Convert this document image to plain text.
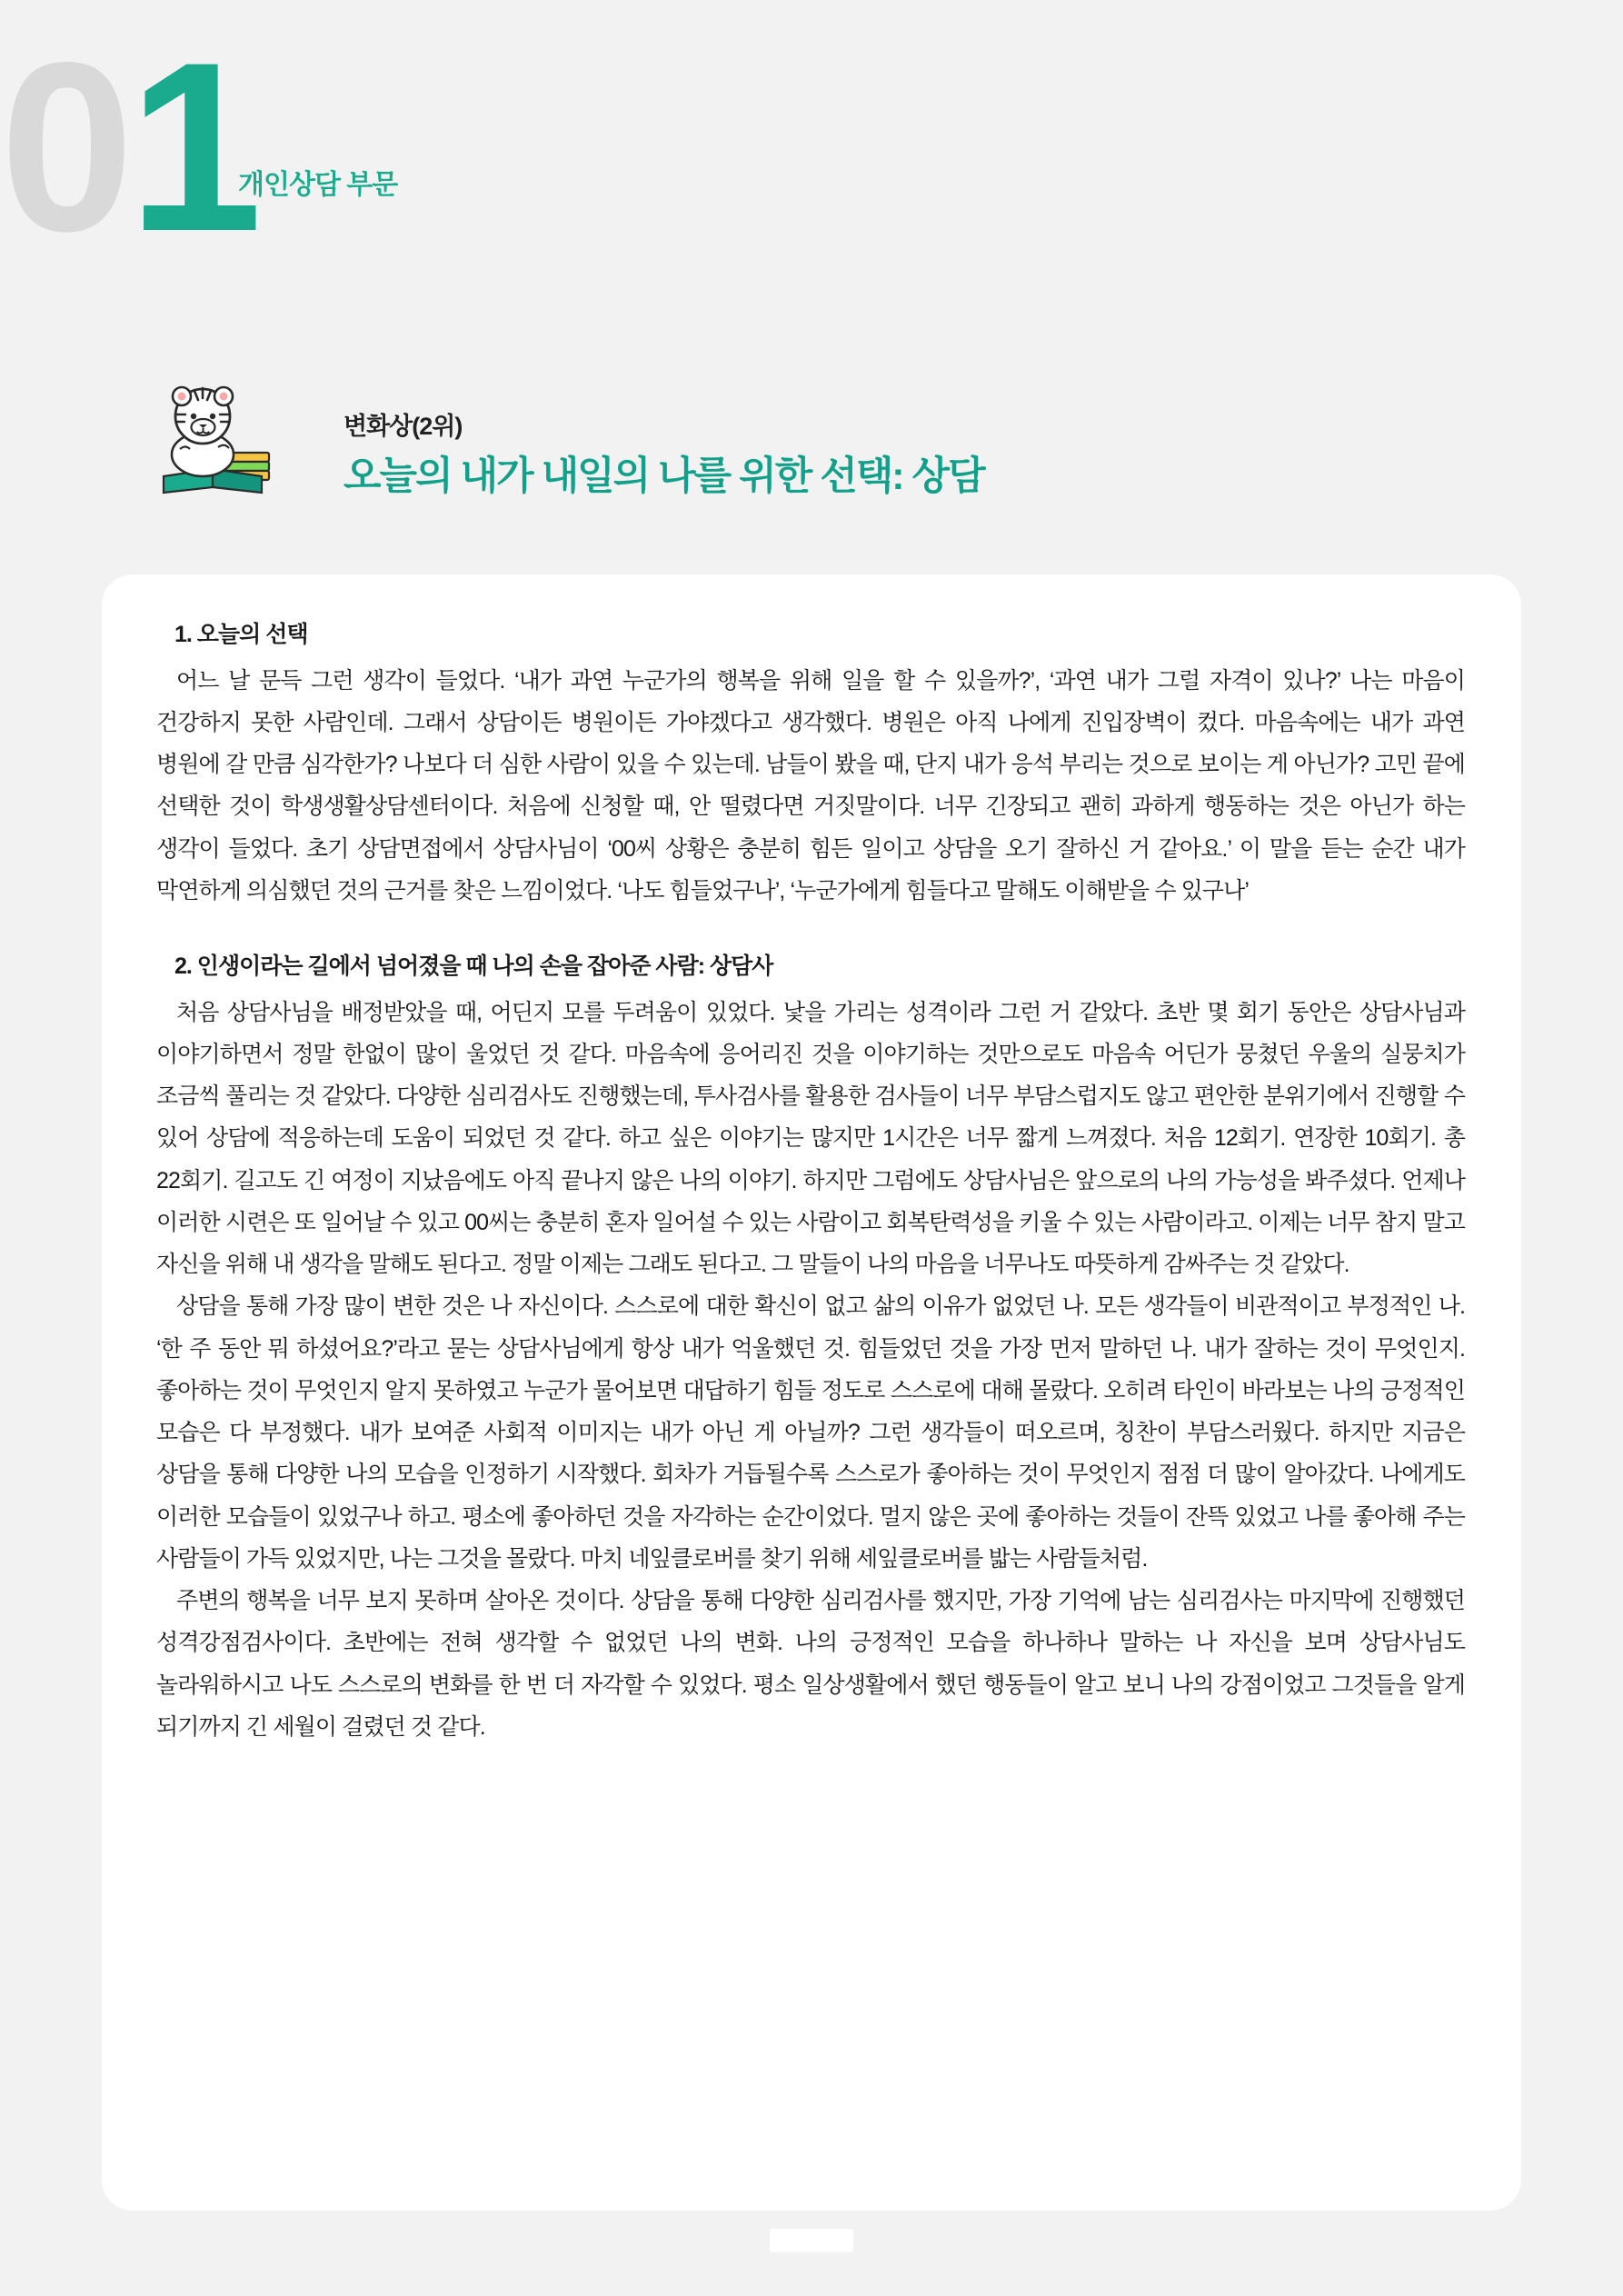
01
개인상담 부문
변화상(2위)
오늘의 내가 내일의 나를 위한 선택: 상담
1. 오늘의 선택

어느 날 문득 그런 생각이 들었다. ‘내가 과연 누군가의 행복을 위해 일을 할 수 있을까?’, ‘과연 내가 그럴 자격이 있나?’ 나는 마음이 건강하지 못한 사람인데. 그래서 상담이든 병원이든 가야겠다고 생각했다. 병원은 아직 나에게 진입장벽이 컸다. 마음속에는 내가 과연 병원에 갈 만큼 심각한가? 나보다 더 심한 사람이 있을 수 있는데. 남들이 봤을 때, 단지 내가 응석 부리는 것으로 보이는 게 아닌가? 고민 끝에 선택한 것이 학생생활상담센터이다. 처음에 신청할 때, 안 떨렸다면 거짓말이다. 너무 긴장되고 괜히 과하게 행동하는 것은 아닌가 하는 생각이 들었다. 초기 상담면접에서 상담사님이 ‘00씨 상황은 충분히 힘든 일이고 상담을 오기 잘하신 거 같아요.’ 이 말을 듣는 순간 내가 막연하게 의심했던 것의 근거를 찾은 느낌이었다. ‘나도 힘들었구나’, ‘누군가에게 힘들다고 말해도 이해받을 수 있구나’

2. 인생이라는 길에서 넘어졌을 때 나의 손을 잡아준 사람: 상담사

처음 상담사님을 배정받았을 때, 어딘지 모를 두려움이 있었다. 낯을 가리는 성격이라 그런 거 같았다. 초반 몇 회기 동안은 상담사님과 이야기하면서 정말 한없이 많이 울었던 것 같다. 마음속에 응어리진 것을 이야기하는 것만으로도 마음속 어딘가 뭉쳤던 우울의 실뭉치가 조금씩 풀리는 것 같았다. 다양한 심리검사도 진행했는데, 투사검사를 활용한 검사들이 너무 부담스럽지도 않고 편안한 분위기에서 진행할 수 있어 상담에 적응하는데 도움이 되었던 것 같다. 하고 싶은 이야기는 많지만 1시간은 너무 짧게 느껴졌다. 처음 12회기. 연장한 10회기. 총 22회기. 길고도 긴 여정이 지났음에도 아직 끝나지 않은 나의 이야기. 하지만 그럼에도 상담사님은 앞으로의 나의 가능성을 봐주셨다. 언제나 이러한 시련은 또 일어날 수 있고 00씨는 충분히 혼자 일어설 수 있는 사람이고 회복탄력성을 키울 수 있는 사람이라고. 이제는 너무 참지 말고 자신을 위해 내 생각을 말해도 된다고. 정말 이제는 그래도 된다고. 그 말들이 나의 마음을 너무나도 따뜻하게 감싸주는 것 같았다.

상담을 통해 가장 많이 변한 것은 나 자신이다. 스스로에 대한 확신이 없고 삶의 이유가 없었던 나. 모든 생각들이 비관적이고 부정적인 나. ‘한 주 동안 뭐 하셨어요?’라고 묻는 상담사님에게 항상 내가 억울했던 것. 힘들었던 것을 가장 먼저 말하던 나. 내가 잘하는 것이 무엇인지. 좋아하는 것이 무엇인지 알지 못하였고 누군가 물어보면 대답하기 힘들 정도로 스스로에 대해 몰랐다. 오히려 타인이 바라보는 나의 긍정적인 모습은 다 부정했다. 내가 보여준 사회적 이미지는 내가 아닌 게 아닐까? 그런 생각들이 떠오르며, 칭찬이 부담스러웠다. 하지만 지금은 상담을 통해 다양한 나의 모습을 인정하기 시작했다. 회차가 거듭될수록 스스로가 좋아하는 것이 무엇인지 점점 더 많이 알아갔다. 나에게도 이러한 모습들이 있었구나 하고. 평소에 좋아하던 것을 자각하는 순간이었다. 멀지 않은 곳에 좋아하는 것들이 잔뜩 있었고 나를 좋아해 주는 사람들이 가득 있었지만, 나는 그것을 몰랐다. 마치 네잎클로버를 찾기 위해 세잎클로버를 밟는 사람들처럼.

주변의 행복을 너무 보지 못하며 살아온 것이다. 상담을 통해 다양한 심리검사를 했지만, 가장 기억에 남는 심리검사는 마지막에 진행했던 성격강점검사이다. 초반에는 전혀 생각할 수 없었던 나의 변화. 나의 긍정적인 모습을 하나하나 말하는 나 자신을 보며 상담사님도 놀라워하시고 나도 스스로의 변화를 한 번 더 자각할 수 있었다. 평소 일상생활에서 했던 행동들이 알고 보니 나의 강점이었고 그것들을 알게 되기까지 긴 세월이 걸렸던 것 같다.
